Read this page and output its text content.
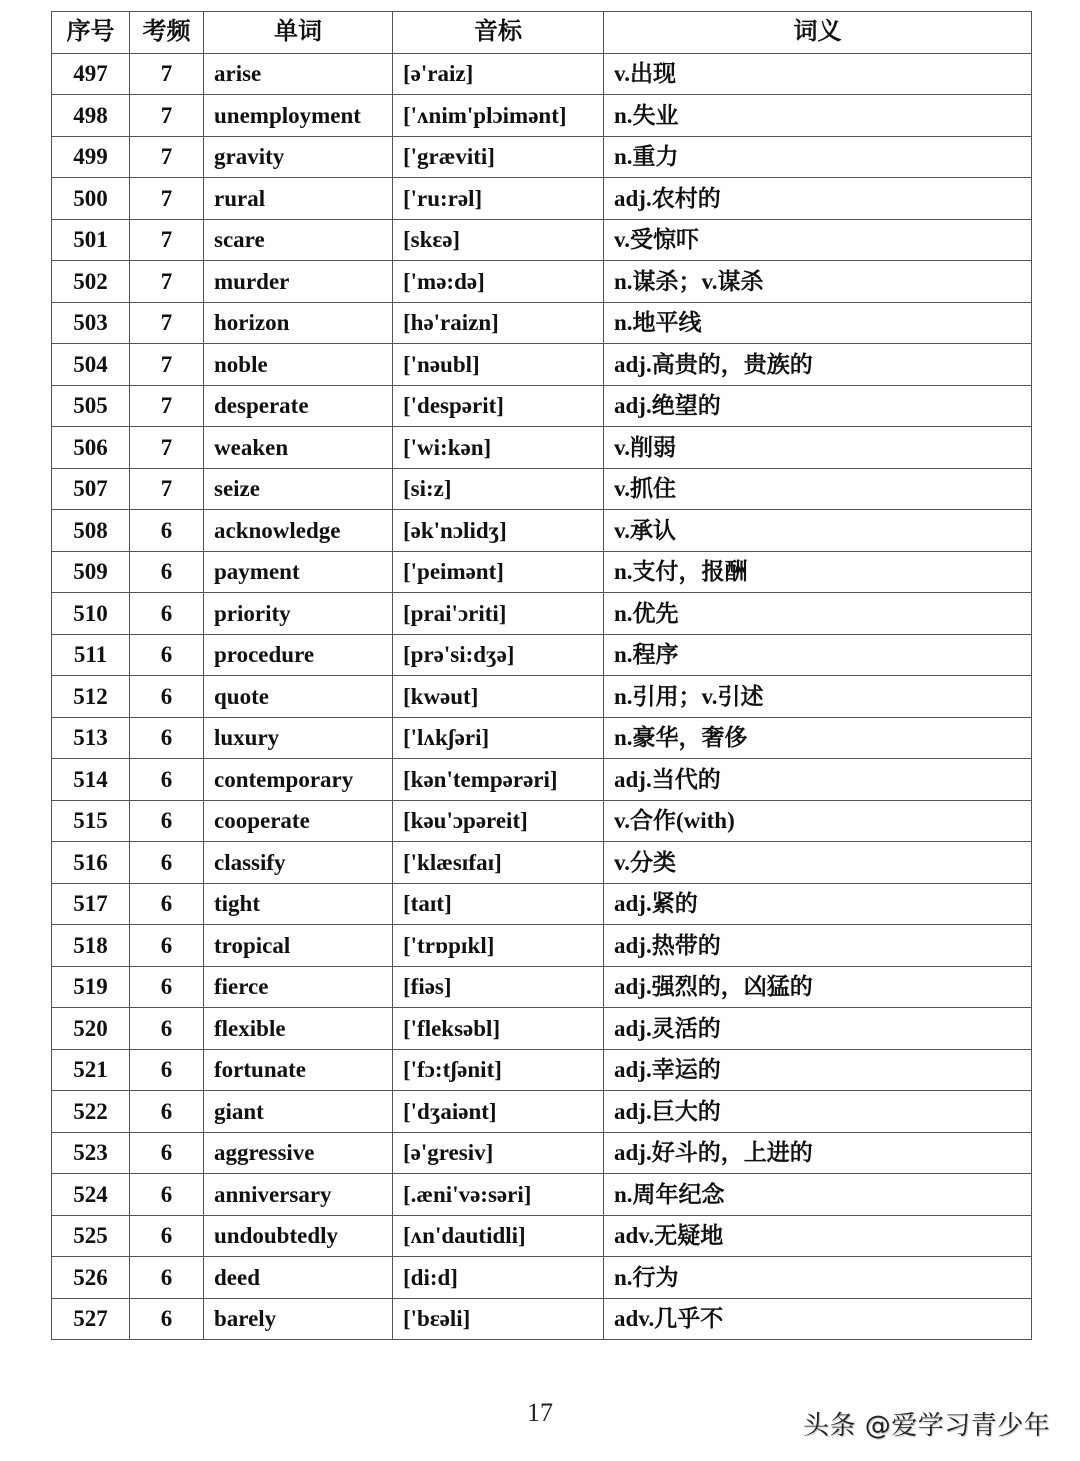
序号	考频	单词	音标	词义
497	7	arise	[ə'raiz]	v.出现
498	7	unemployment	['ʌnim'plɔimənt]	n.失业
499	7	gravity	['græviti]	n.重力
500	7	rural	['ru:rəl]	adj.农村的
501	7	scare	[skɛə]	v.受惊吓
502	7	murder	['mə:də]	n.谋杀；v.谋杀
503	7	horizon	[hə'raizn]	n.地平线
504	7	noble	['nəubl]	adj.高贵的，贵族的
505	7	desperate	['despərit]	adj.绝望的
506	7	weaken	['wi:kən]	v.削弱
507	7	seize	[si:z]	v.抓住
508	6	acknowledge	[ək'nɔlidʒ]	v.承认
509	6	payment	['peimənt]	n.支付，报酬
510	6	priority	[prai'ɔriti]	n.优先
511	6	procedure	[prə'si:dʒə]	n.程序
512	6	quote	[kwəut]	n.引用；v.引述
513	6	luxury	['lʌkʃəri]	n.豪华，奢侈
514	6	contemporary	[kən'tempərəri]	adj.当代的
515	6	cooperate	[kəu'ɔpəreit]	v.合作(with)
516	6	classify	['klæsɪfaɪ]	v.分类
517	6	tight	[taɪt]	adj.紧的
518	6	tropical	['trɒpɪkl]	adj.热带的
519	6	fierce	[fiəs]	adj.强烈的，凶猛的
520	6	flexible	['fleksəbl]	adj.灵活的
521	6	fortunate	['fɔ:tʃənit]	adj.幸运的
522	6	giant	['dʒaiənt]	adj.巨大的
523	6	aggressive	[ə'gresiv]	adj.好斗的，上进的
524	6	anniversary	[.æni'və:səri]	n.周年纪念
525	6	undoubtedly	[ʌn'dautidli]	adv.无疑地
526	6	deed	[di:d]	n.行为
527	6	barely	['bɛəli]	adv.几乎不
17	头条 @爱学习青少年
